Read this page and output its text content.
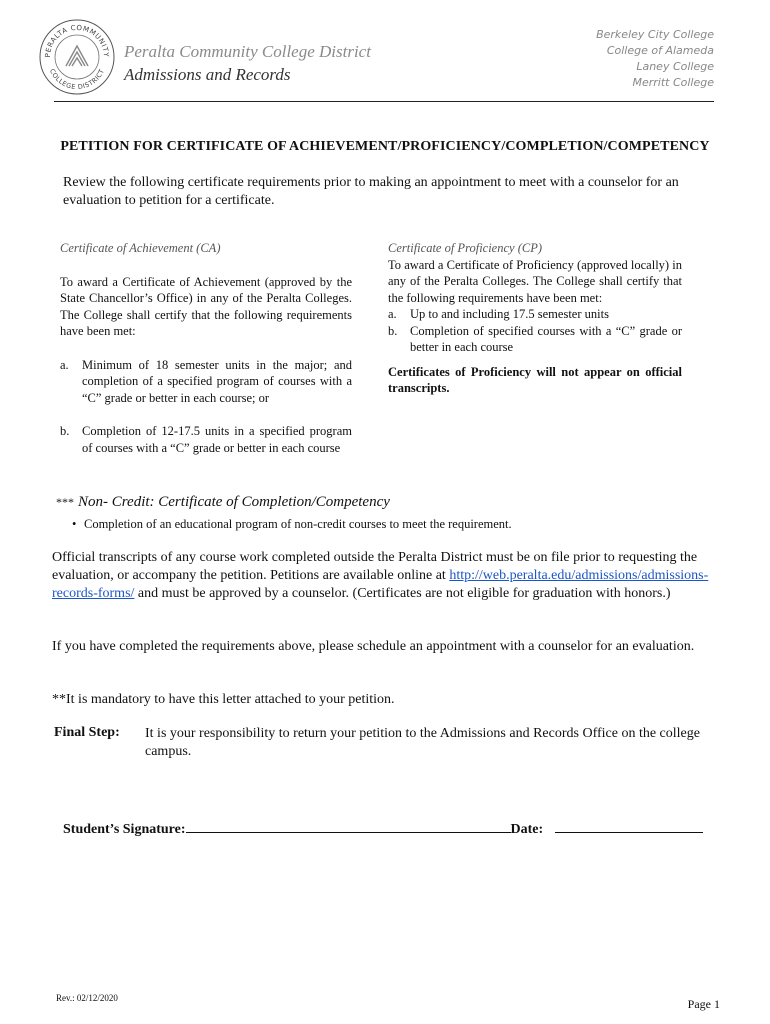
PERALTA COMMUNITY
COLLEGE DISTRICT
Peralta Community College District
Admissions and Records
Berkeley City College
College of Alameda
Laney College
Merritt College
PETITION FOR CERTIFICATE OF ACHIEVEMENT/PROFICIENCY/COMPLETION/COMPETENCY
Review the following certificate requirements prior to making an appointment to meet with a counselor for an evaluation to petition for a certificate.
Certificate of Achievement (CA)

To award a Certificate of Achievement (approved by the State Chancellor’s Office) in any of the Peralta Colleges. The College shall certify that the following requirements have been met:

a. Minimum of 18 semester units in the major; and completion of a specified program of courses with a “C” grade or better in each course; or
b. Completion of 12-17.5 units in a specified program of courses with a “C” grade or better in each course
Certificate of Proficiency (CP)
To award a Certificate of Proficiency (approved locally) in any of the Peralta Colleges. The College shall certify that the following requirements have been met:
a. Up to and including 17.5 semester units
b. Completion of specified courses with a “C” grade or better in each course
Certificates of Proficiency will not appear on official transcripts.
*** Non- Credit: Certificate of Completion/Competency
• Completion of an educational program of non-credit courses to meet the requirement.
Official transcripts of any course work completed outside the Peralta District must be on file prior to requesting the evaluation, or accompany the petition. Petitions are available online at http://web.peralta.edu/admissions/admissions-records-forms/ and must be approved by a counselor. (Certificates are not eligible for graduation with honors.)
If you have completed the requirements above, please schedule an appointment with a counselor for an evaluation.
**It is mandatory to have this letter attached to your petition.
Final Step: It is your responsibility to return your petition to the Admissions and Records Office on the college campus.
Student’s Signature:	Date:
Rev.: 02/12/2020	Page 1
